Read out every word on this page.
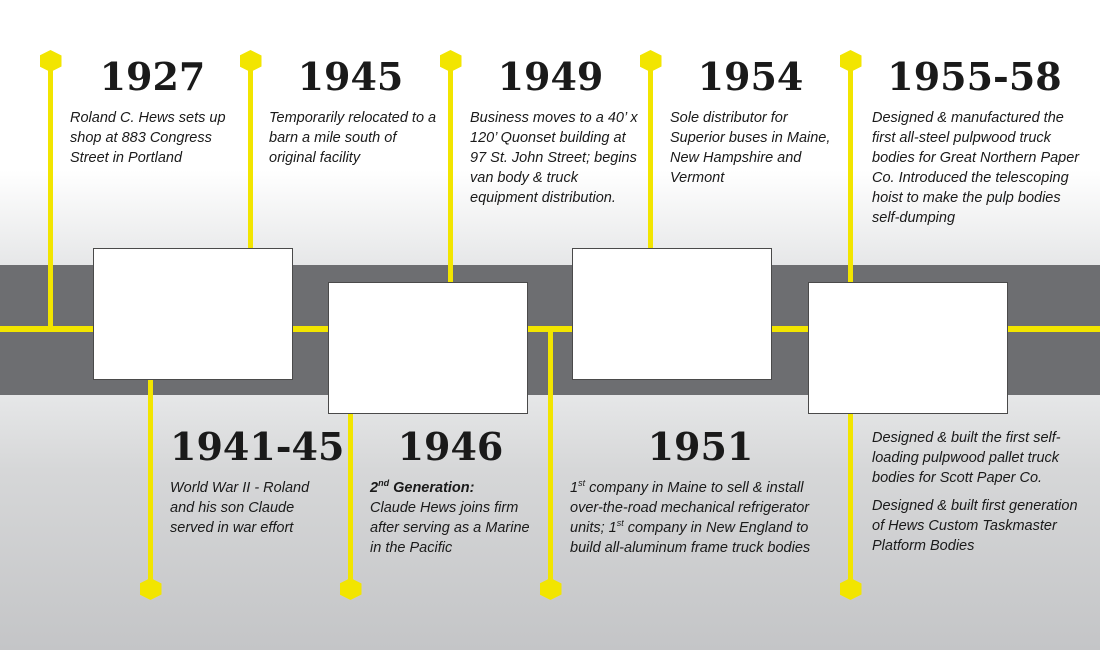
1927

Roland C. Hews sets up shop at 883 Congress Street in Portland

1945

Temporarily relocated to a barn a mile south of original facility

1949

Business moves to a 40’ x 120’ Quonset building at 97 St. John Street; begins van body & truck equipment distribution.

1954

Sole distributor for Superior buses in Maine, New Hampshire and Vermont

1955-58

Designed & manufactured the first all-steel pulpwood truck bodies for Great Northern Paper Co. Introduced the telescoping hoist to make the pulp bodies self-dumping

1941-45

World War II - Roland and his son Claude served in war effort

1946

2nd Generation:

Claude Hews joins firm after serving as a Marine in the Pacific

1951

1st company in Maine to sell & install over-the-road mechanical refrigerator units; 1st company in New England to build all-aluminum frame truck bodies

Designed & built the first self-loading pulpwood pallet truck bodies for Scott Paper Co.

Designed & built first generation of Hews Custom Taskmaster Platform Bodies
